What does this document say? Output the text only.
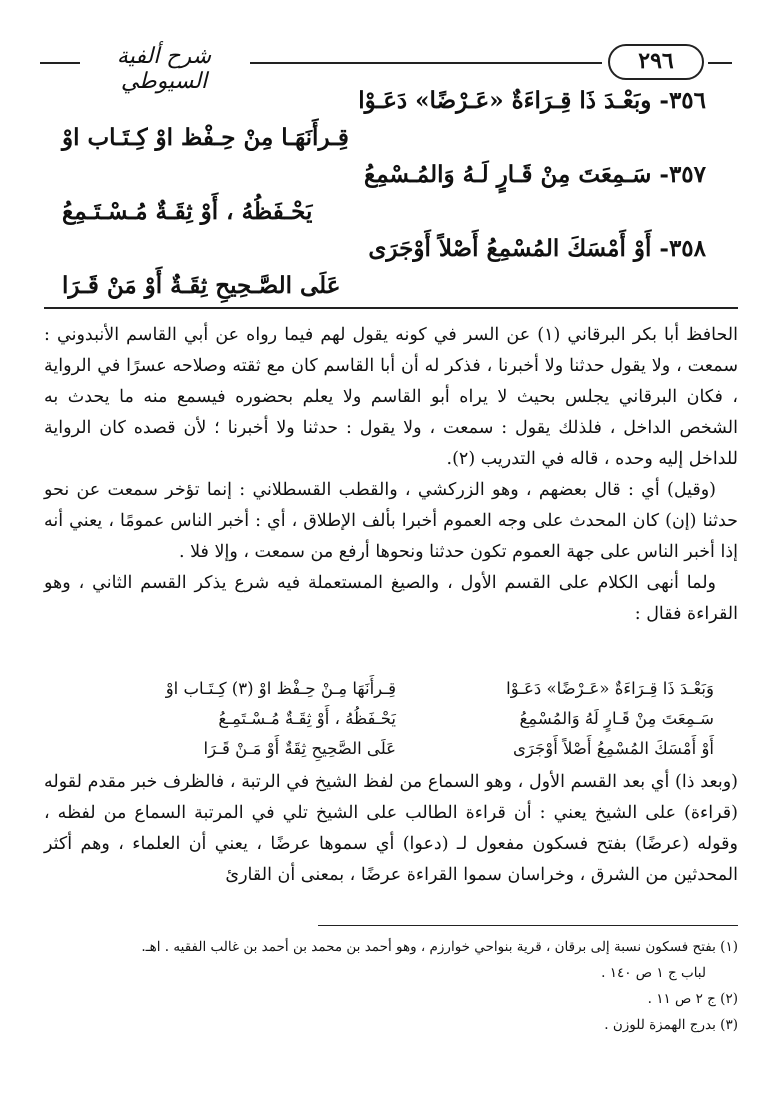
شرح ألفية السيوطي
٢٩٦
٣٥٦- وبَعْـدَ ذَا قِـرَاءَةٌ «عَـرْضًا» دَعَـوْا
قِـرأَنَهَـا مِنْ حِـفْظ اوْ كِـتَـاب اوْ
٣٥٧- سَـمِعَتَ مِنْ قَـارٍ لَـهُ وَالمُـسْمِعُ
يَحْـفَظُهُ ، أَوْ ثِقَـةٌ مُـسْـتَـمِعُ
٣٥٨- أَوْ أَمْسَكَ المُسْمِعُ أَصْلاً أَوْجَرَى
عَلَى الصَّـحِيحِ ثِقَـةٌ أَوْ مَنْ قَـرَا

الحافظ أبا بكر البرقاني (١) عن السر في كونه يقول لهم فيما رواه عن أبي القاسم الأنبدوني : سمعت ، ولا يقول حدثنا ولا أخبرنا ، فذكر له أن أبا القاسم كان مع ثقته وصلاحه عسرًا في الرواية ، فكان البرقاني يجلس بحيث لا يراه أبو القاسم ولا يعلم بحضوره فيسمع منه ما يحدث به الشخص الداخل ، فلذلك يقول : سمعت ، ولا يقول : حدثنا ولا أخبرنا ؛ لأن قصده كان الرواية للداخل إليه وحده ، قاله في التدريب (٢).

(وقيل) أي : قال بعضهم ، وهو الزركشي ، والقطب القسطلاني : إنما تؤخر سمعت عن نحو حدثنا (إن) كان المحدث على وجه العموم أخبرا بألف الإطلاق ، أي : أخبر الناس عمومًا ، يعني أنه إذا أخبر الناس على جهة العموم تكون حدثنا ونحوها أرفع من سمعت ، وإلا فلا .

ولما أنهى الكلام على القسم الأول ، والصيغ المستعملة فيه شرع يذكر القسم الثاني ، وهو القراءة فقال :

وَبَعْـدَ ذَا قِـرَاءَةٌ «عَـرْضًا» دَعَـوْا
قِـرأَنَهَا مِـنْ حِـفْظ اوْ (٣) كِـتَـاب اوْ
سَـمِعَتَ مِنْ قَـارٍ لَهُ وَالمُسْمِعُ
يَحْـفَظُهُ ، أَوْ ثِقَـةٌ مُـسْـتَمِـعُ
أَوْ أَمْسَكَ المُسْمِعُ أَصْلاً أَوْجَرَى
عَلَى الصَّحِيحِ ثِقَةٌ أَوْ مَـنْ قَـرَا

(وبعد ذا) أي بعد القسم الأول ، وهو السماع من لفظ الشيخ في الرتبة ، فالظرف خبر مقدم لقوله (قراءة) على الشيخ يعني : أن قراءة الطالب على الشيخ تلي في المرتبة السماع من لفظه ، وقوله (عرضًا) بفتح فسكون مفعول لـ (دعوا) أي سموها عرضًا ، يعني أن العلماء ، وهم أكثر المحدثين من الشرق ، وخراسان سموا القراءة عرضًا ، بمعنى أن القارئ

(١) بفتح فسكون نسبة إلى برقان ، قرية بنواحي خوارزم ، وهو أحمد بن محمد بن أحمد بن غالب الفقيه . اهـ.
لباب ج ١ ص ١٤٠ .
(٢) ج ٢ ص ١١ .
(٣) بدرج الهمزة للوزن .
